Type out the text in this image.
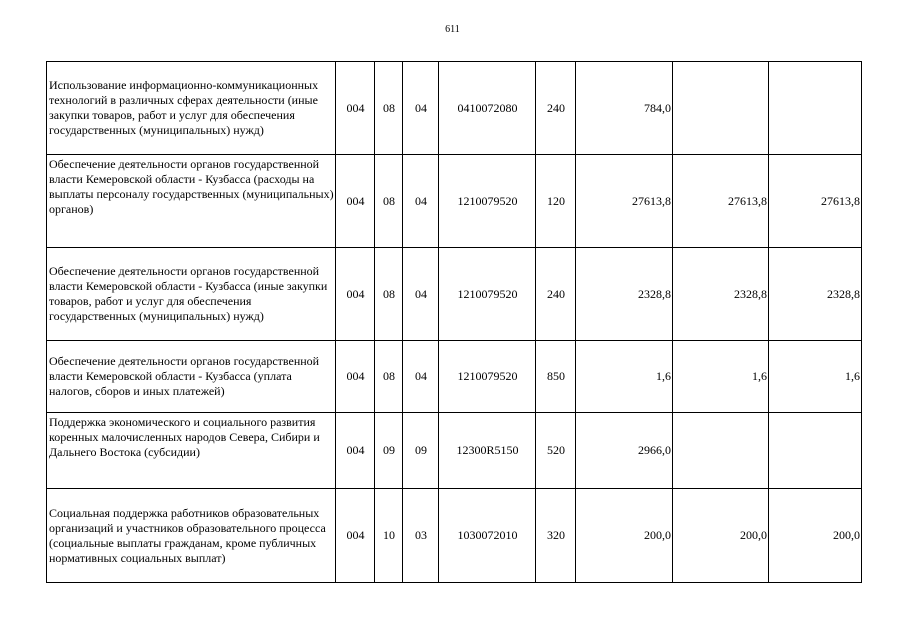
611
Использование информационно-коммуникационных технологий в различных сферах деятельности (иные закупки товаров, работ и услуг для обеспечения государственных (муниципальных) нужд)	004	08	04	0410072080	240	784,0		
Обеспечение деятельности органов государственной власти Кемеровской области - Кузбасса (расходы на выплаты персоналу государственных (муниципальных) органов)	004	08	04	1210079520	120	27613,8	27613,8	27613,8
Обеспечение деятельности органов государственной власти Кемеровской области - Кузбасса (иные закупки товаров, работ и услуг для обеспечения государственных (муниципальных) нужд)	004	08	04	1210079520	240	2328,8	2328,8	2328,8
Обеспечение деятельности органов государственной власти Кемеровской области - Кузбасса (уплата налогов, сборов и иных платежей)	004	08	04	1210079520	850	1,6	1,6	1,6
Поддержка экономического и социального развития коренных малочисленных народов Севера, Сибири и Дальнего Востока (субсидии)	004	09	09	12300R5150	520	2966,0		
Социальная поддержка работников образовательных организаций и участников образовательного процесса (социальные выплаты гражданам, кроме публичных нормативных социальных выплат)	004	10	03	1030072010	320	200,0	200,0	200,0
